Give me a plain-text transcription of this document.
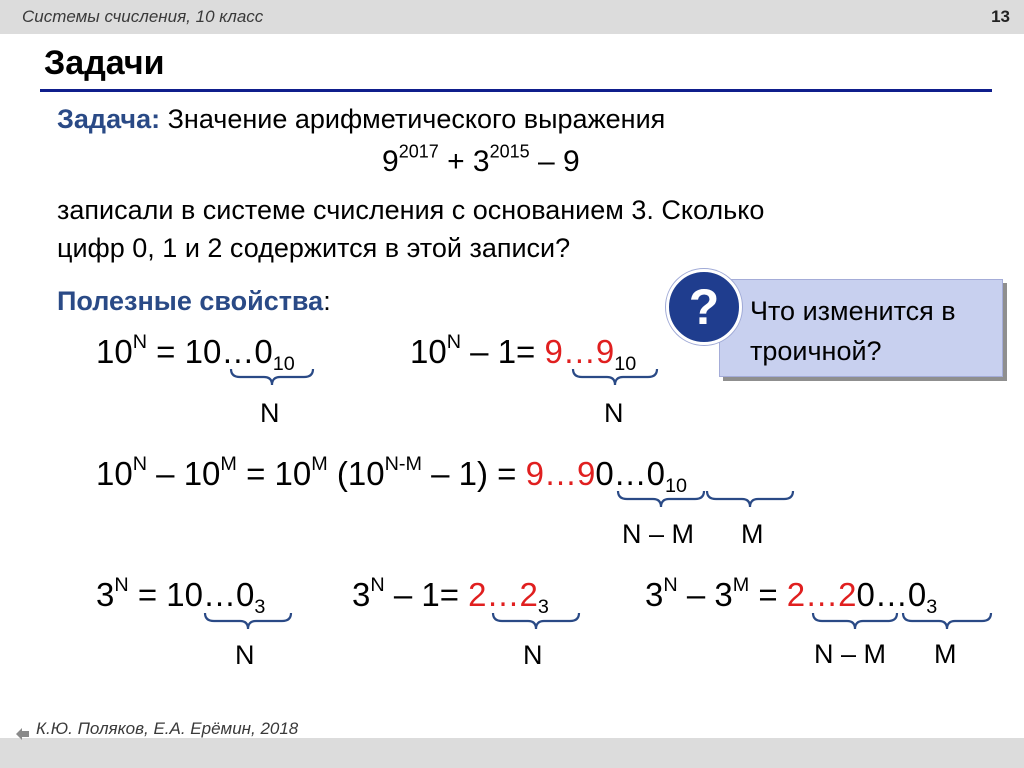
Системы счисления, 10 класс	13
Задачи
Задача: Значение арифметического выражения
$9^{2017} + 3^{2015} - 9$
записали в системе счисления с основанием 3. Сколько
цифр 0, 1 и 2 содержится в этой записи?
Полезные свойства:	Что изменится в троичной?
?
$10^N$ = $10\dots 0_{10}$	$10^N - 1=$ $9\dots 9_{10}$
N	N
$10^N - 10^M = 10^M$ $(10^{N-M} - 1)$ = $9\dots 90\dots 0_{10}$
N – M M
$3^N$ = $10\dots 0_3$	$3^N - 1=$ $2\dots 2_3$	$3^N - 3^M$ = $2\dots 20\dots 0_3$
N	N	N – M M
К.Ю. Поляков, Е.А. Ерёмин, 2018
